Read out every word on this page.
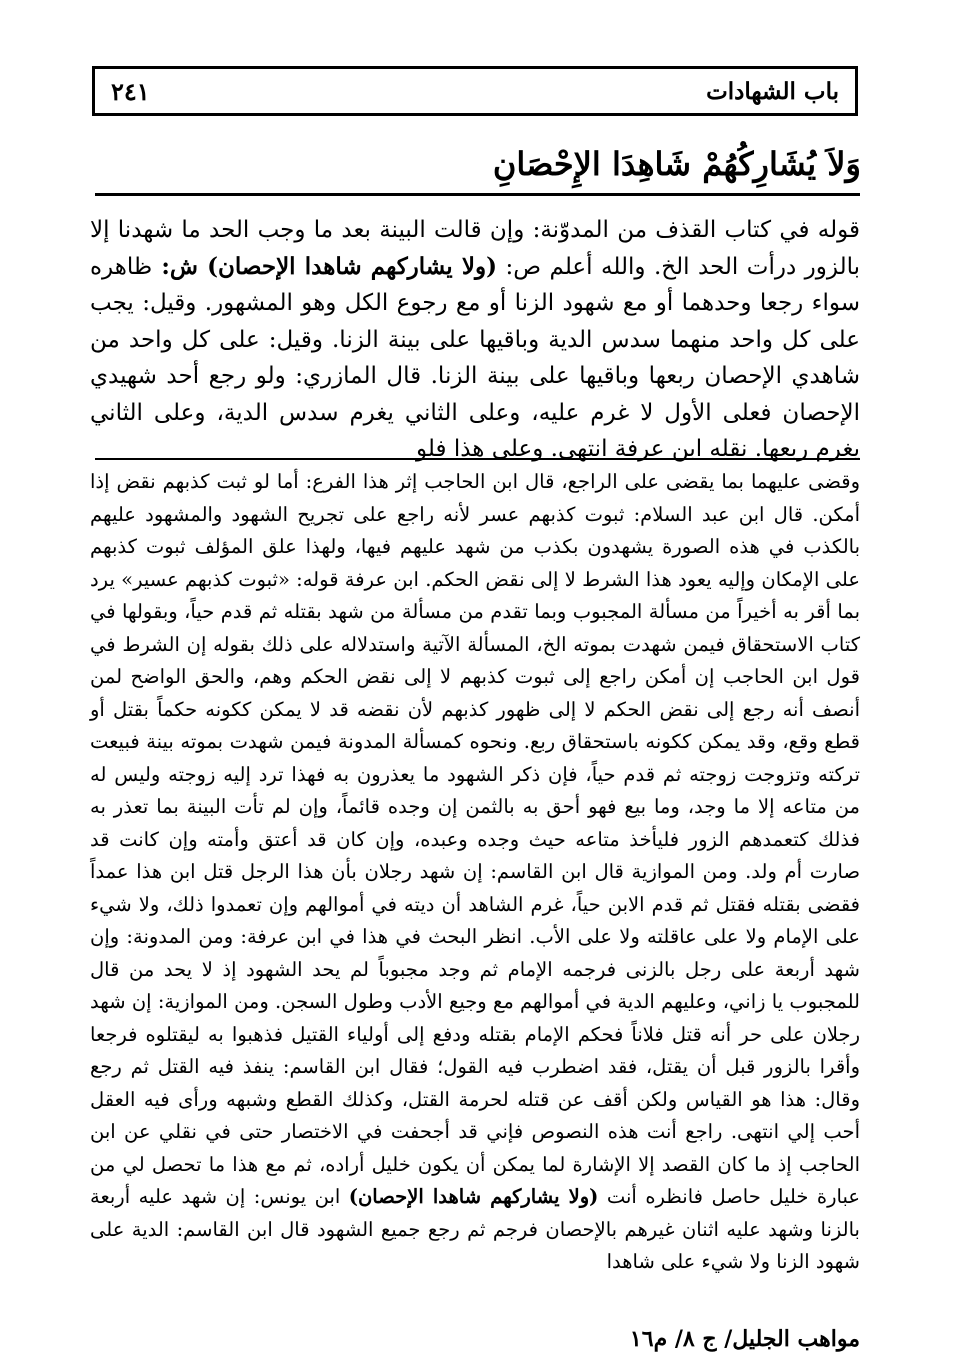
باب الشهادات
٢٤١
وَلاَ يُشَارِكُهُمْ شَاهِدَا الإِحْصَانِ

قوله في كتاب القذف من المدوّنة: وإن قالت البينة بعد ما وجب الحد ما شهدنا إلا بالزور درأت الحد الخ. والله أعلم ص: (ولا يشاركهم شاهدا الإحصان) ش: ظاهره سواء رجعا وحدهما أو مع شهود الزنا أو مع رجوع الكل وهو المشهور. وقيل: يجب على كل واحد منهما سدس الدية وباقيها على بينة الزنا. وقيل: على كل واحد من شاهدي الإحصان ربعها وباقيها على بينة الزنا. قال المازري: ولو رجع أحد شهيدي الإحصان فعلى الأول لا غرم عليه، وعلى الثاني يغرم سدس الدية، وعلى الثاني يغرم ربعها. نقله ابن عرفة انتهى. وعلى هذا فلو

وقضى عليهما بما يقضى على الراجع، قال ابن الحاجب إثر هذا الفرع: أما لو ثبت كذبهم نقض إذا أمكن. قال ابن عبد السلام: ثبوت كذبهم عسر لأنه راجع على تجريح الشهود والمشهود عليهم بالكذب في هذه الصورة يشهدون بكذب من شهد عليهم فيها، ولهذا علق المؤلف ثبوت كذبهم على الإمكان وإليه يعود هذا الشرط لا إلى نقض الحكم. ابن عرفة قوله: «ثبوت كذبهم عسير» يرد بما أقر به أخيراً من مسألة المجبوب وبما تقدم من مسألة من شهد بقتله ثم قدم حياً، وبقولها في كتاب الاستحقاق فيمن شهدت بموته الخ، المسألة الآتية واستدلاله على ذلك بقوله إن الشرط في قول ابن الحاجب إن أمكن راجع إلى ثبوت كذبهم لا إلى نقض الحكم وهم، والحق الواضح لمن أنصف أنه رجع إلى نقض الحكم لا إلى ظهور كذبهم لأن نقضه قد لا يمكن ككونه حكماً بقتل أو قطع وقع، وقد يمكن ككونه باستحقاق ربع. ونحوه كمسألة المدونة فيمن شهدت بموته بينة فبيعت تركته وتزوجت زوجته ثم قدم حياً، فإن ذكر الشهود ما يعذرون به فهذا ترد إليه زوجته وليس له من متاعه إلا ما وجد، وما بيع فهو أحق به بالثمن إن وجده قائماً، وإن لم تأت البينة بما تعذر به فذلك كتعمدهم الزور فليأخذ متاعه حيث وجده وعبده، وإن كان قد أعتق وأمته وإن كانت قد صارت أم ولد. ومن الموازية قال ابن القاسم: إن شهد رجلان بأن هذا الرجل قتل ابن هذا عمداً فقضى بقتله فقتل ثم قدم الابن حياً، غرم الشاهد أن ديته في أموالهم وإن تعمدوا ذلك، ولا شيء على الإمام ولا على عاقلته ولا على الأب. انظر البحث في هذا في ابن عرفة: ومن المدونة: وإن شهد أربعة على رجل بالزنى فرجمه الإمام ثم وجد مجبوباً لم يحد الشهود إذ لا يحد من قال للمجبوب يا زاني، وعليهم الدية في أموالهم مع وجيع الأدب وطول السجن. ومن الموازية: إن شهد رجلان على حر أنه قتل فلاناً فحكم الإمام بقتله ودفع إلى أولياء القتيل فذهبوا به ليقتلوه فرجعا وأقرا بالزور قبل أن يقتل، فقد اضطرب فيه القول؛ فقال ابن القاسم: ينفذ فيه القتل ثم رجع وقال: هذا هو القياس ولكن أقف عن قتله لحرمة القتل، وكذلك القطع وشبهه ورأى فيه العقل أحب إلي انتهى. راجع أنت هذه النصوص فإني قد أجحفت في الاختصار حتى في نقلي عن ابن الحاجب إذ ما كان القصد إلا الإشارة لما يمكن أن يكون خليل أراده، ثم مع هذا ما تحصل لي من عبارة خليل حاصل فانظره أنت (ولا يشاركهم شاهدا الإحصان) ابن يونس: إن شهد عليه أربعة بالزنا وشهد عليه اثنان غيرهم بالإحصان فرجم ثم رجع جميع الشهود قال ابن القاسم: الدية على شهود الزنا ولا شيء على شاهدا

مواهب الجليل/ ج ٨/ م١٦
